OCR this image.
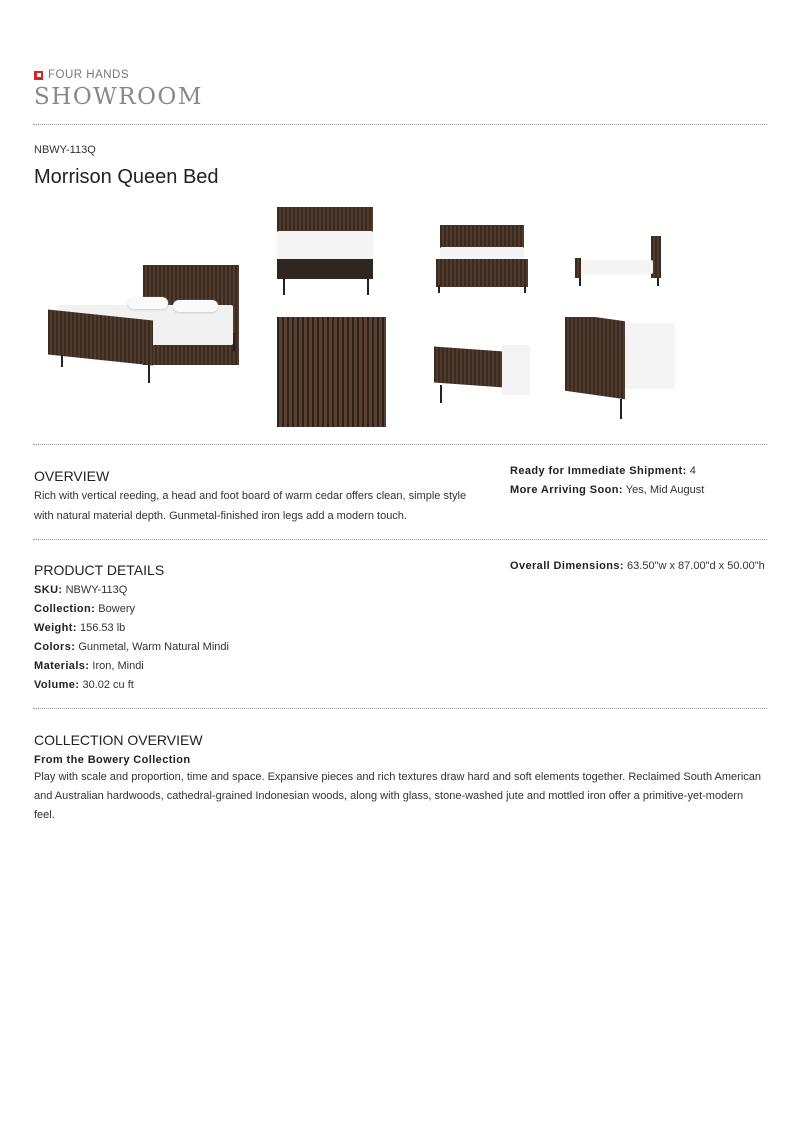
FOUR HANDS
SHOWROOM
NBWY-113Q
Morrison Queen Bed
OVERVIEW
Rich with vertical reeding, a head and foot board of warm cedar offers clean, simple style with natural material depth. Gunmetal-finished iron legs add a modern touch.
Ready for Immediate Shipment: 4
More Arriving Soon: Yes, Mid August
PRODUCT DETAILS
SKU: NBWY-113Q
Collection: Bowery
Weight: 156.53 lb
Colors: Gunmetal, Warm Natural Mindi
Materials: Iron, Mindi
Volume: 30.02 cu ft
Overall Dimensions: 63.50"w x 87.00"d x 50.00"h
COLLECTION OVERVIEW
From the Bowery Collection
Play with scale and proportion, time and space. Expansive pieces and rich textures draw hard and soft elements together. Reclaimed South American and Australian hardwoods, cathedral-grained Indonesian woods, along with glass, stone-washed jute and mottled iron offer a primitive-yet-modern feel.
